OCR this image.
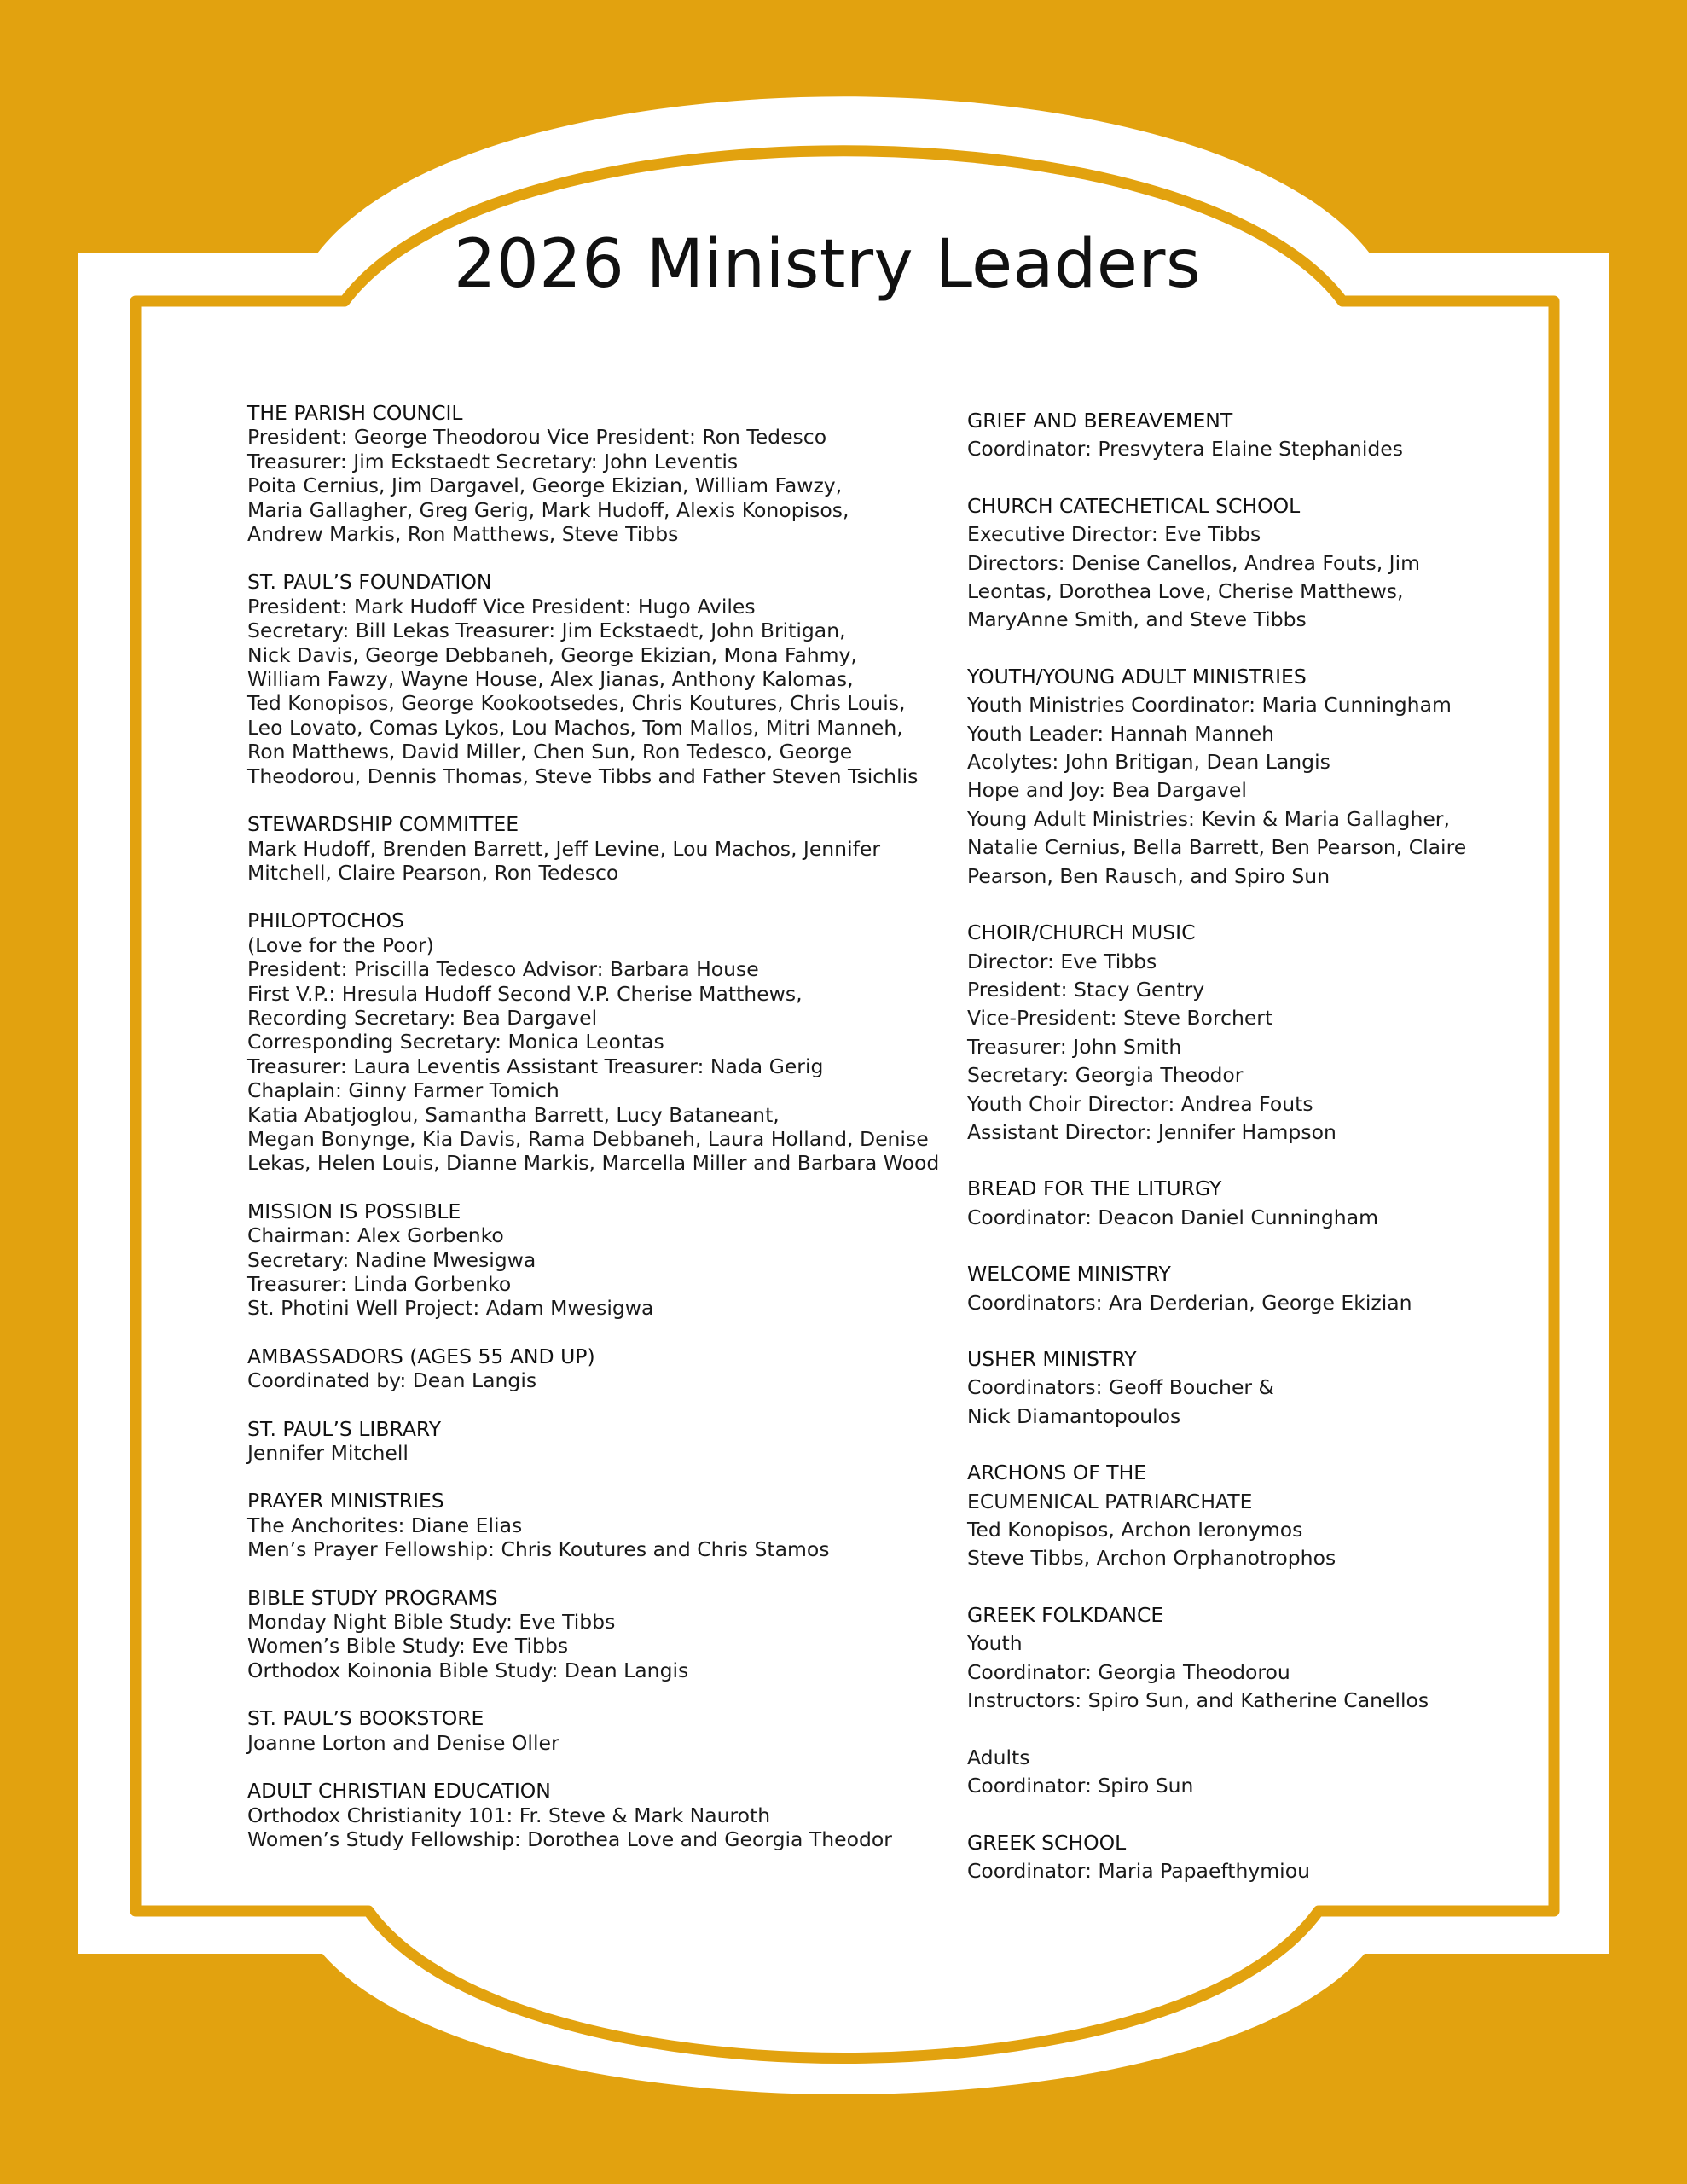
2026 Ministry Leaders
THE PARISH COUNCIL
President: George Theodorou Vice President: Ron Tedesco
Treasurer: Jim Eckstaedt Secretary: John Leventis
Poita Cernius, Jim Dargavel, George Ekizian, William Fawzy,
Maria Gallagher, Greg Gerig, Mark Hudoff, Alexis Konopisos,
Andrew Markis, Ron Matthews, Steve Tibbs
ST. PAUL’S FOUNDATION
President: Mark Hudoff Vice President: Hugo Aviles
Secretary: Bill Lekas Treasurer: Jim Eckstaedt, John Britigan,
Nick Davis, George Debbaneh, George Ekizian, Mona Fahmy,
William Fawzy, Wayne House, Alex Jianas, Anthony Kalomas,
Ted Konopisos, George Kookootsedes, Chris Koutures, Chris Louis,
Leo Lovato, Comas Lykos, Lou Machos, Tom Mallos, Mitri Manneh,
Ron Matthews, David Miller, Chen Sun, Ron Tedesco, George
Theodorou, Dennis Thomas, Steve Tibbs and Father Steven Tsichlis
STEWARDSHIP COMMITTEE
Mark Hudoff, Brenden Barrett, Jeff Levine, Lou Machos, Jennifer
Mitchell, Claire Pearson, Ron Tedesco
PHILOPTOCHOS
(Love for the Poor)
President: Priscilla Tedesco Advisor: Barbara House
First V.P.: Hresula Hudoff Second V.P. Cherise Matthews,
Recording Secretary: Bea Dargavel
Corresponding Secretary: Monica Leontas
Treasurer: Laura Leventis Assistant Treasurer: Nada Gerig
Chaplain: Ginny Farmer Tomich
Katia Abatjoglou, Samantha Barrett, Lucy Bataneant,
Megan Bonynge, Kia Davis, Rama Debbaneh, Laura Holland, Denise
Lekas, Helen Louis, Dianne Markis, Marcella Miller and Barbara Wood
MISSION IS POSSIBLE
Chairman: Alex Gorbenko
Secretary: Nadine Mwesigwa
Treasurer: Linda Gorbenko
St. Photini Well Project: Adam Mwesigwa
AMBASSADORS (AGES 55 AND UP)
Coordinated by: Dean Langis
ST. PAUL’S LIBRARY
Jennifer Mitchell
PRAYER MINISTRIES
The Anchorites: Diane Elias
Men’s Prayer Fellowship: Chris Koutures and Chris Stamos
BIBLE STUDY PROGRAMS
Monday Night Bible Study: Eve Tibbs
Women’s Bible Study: Eve Tibbs
Orthodox Koinonia Bible Study: Dean Langis
ST. PAUL’S BOOKSTORE
Joanne Lorton and Denise Oller
ADULT CHRISTIAN EDUCATION
Orthodox Christianity 101: Fr. Steve & Mark Nauroth
Women’s Study Fellowship: Dorothea Love and Georgia Theodor
GRIEF AND BEREAVEMENT
Coordinator: Presvytera Elaine Stephanides
CHURCH CATECHETICAL SCHOOL
Executive Director: Eve Tibbs
Directors: Denise Canellos, Andrea Fouts, Jim
Leontas, Dorothea Love, Cherise Matthews,
MaryAnne Smith, and Steve Tibbs
YOUTH/YOUNG ADULT MINISTRIES
Youth Ministries Coordinator: Maria Cunningham
Youth Leader: Hannah Manneh
Acolytes: John Britigan, Dean Langis
Hope and Joy: Bea Dargavel
Young Adult Ministries: Kevin & Maria Gallagher,
Natalie Cernius, Bella Barrett, Ben Pearson, Claire
Pearson, Ben Rausch, and Spiro Sun
CHOIR/CHURCH MUSIC
Director: Eve Tibbs
President: Stacy Gentry
Vice-President: Steve Borchert
Treasurer: John Smith
Secretary: Georgia Theodor
Youth Choir Director: Andrea Fouts
Assistant Director: Jennifer Hampson
BREAD FOR THE LITURGY
Coordinator: Deacon Daniel Cunningham
WELCOME MINISTRY
Coordinators: Ara Derderian, George Ekizian
USHER MINISTRY
Coordinators: Geoff Boucher &
Nick Diamantopoulos
ARCHONS OF THE
ECUMENICAL PATRIARCHATE
Ted Konopisos, Archon Ieronymos
Steve Tibbs, Archon Orphanotrophos
GREEK FOLKDANCE
Youth
Coordinator: Georgia Theodorou
Instructors: Spiro Sun, and Katherine Canellos

Adults
Coordinator: Spiro Sun
GREEK SCHOOL
Coordinator: Maria Papaefthymiou
